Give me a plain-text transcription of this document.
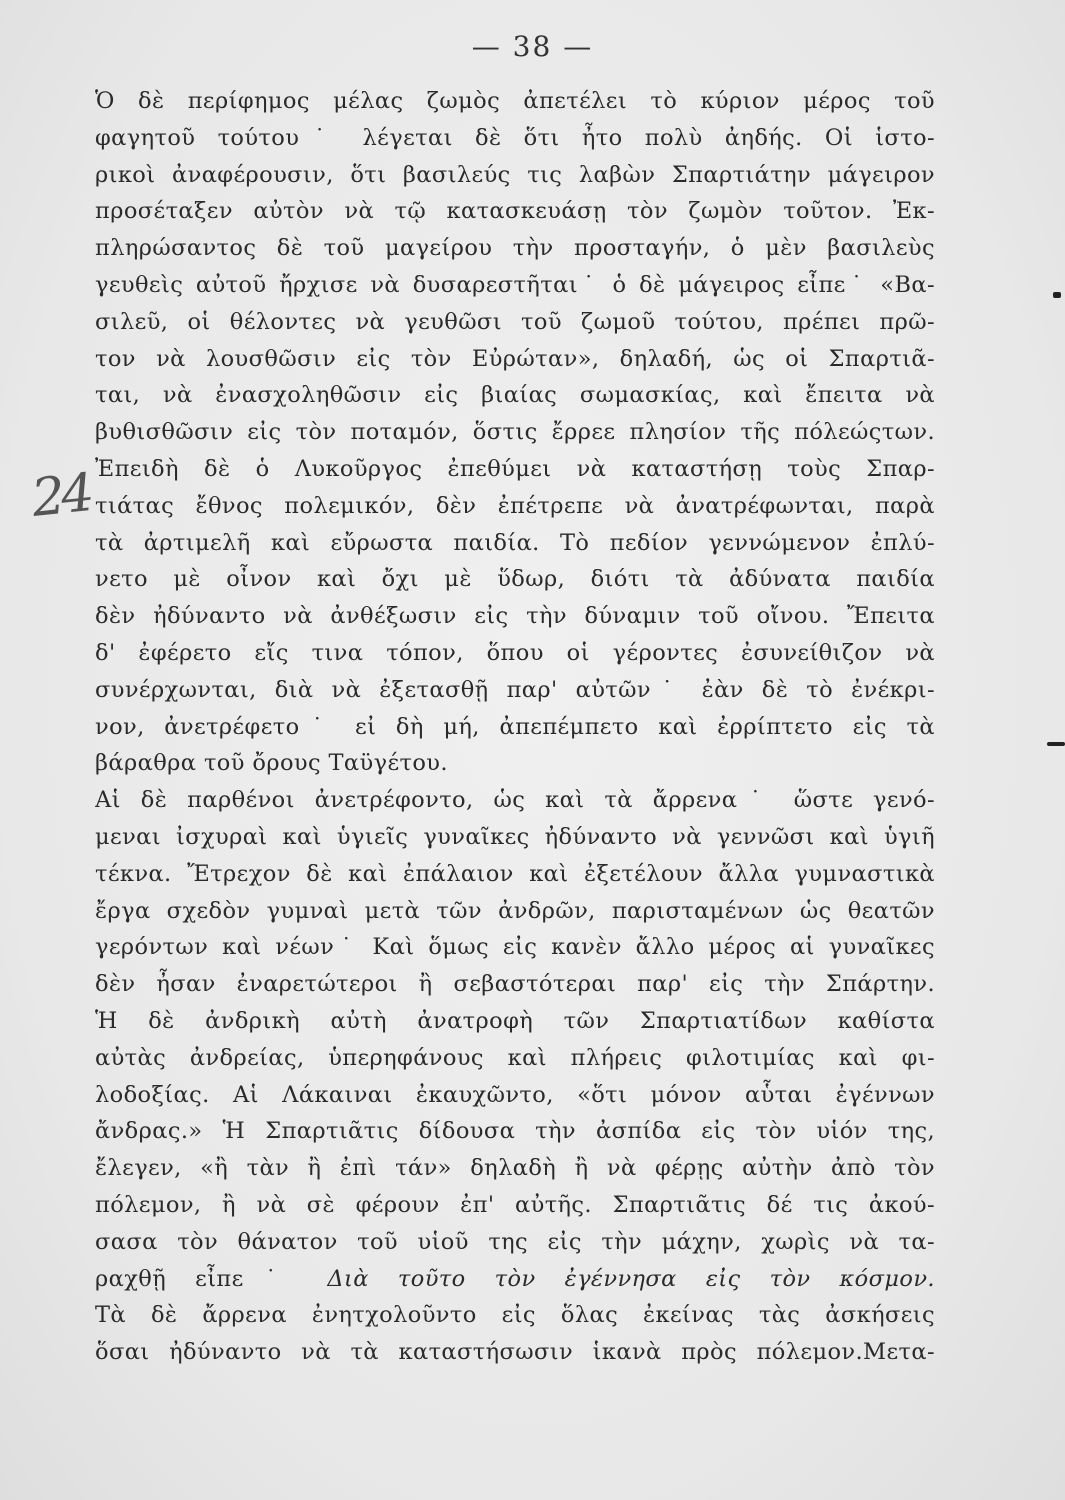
— 38 —
24
Ὁ δὲ περίφημος μέλας ζωμὸς ἀπετέλει τὸ κύριον μέρος τοῦ
φαγητοῦ τούτου˙ λέγεται δὲ ὅτι ἦτο πολὺ ἀηδής. Οἱ ἱστο-
ρικοὶ ἀναφέρουσιν, ὅτι βασιλεύς τις λαβὼν Σπαρτιάτην μάγειρον
προσέταξεν αὐτὸν νὰ τῷ κατασκευάσῃ τὸν ζωμὸν τοῦτον. Ἐκ-
πληρώσαντος δὲ τοῦ μαγείρου τὴν προσταγήν, ὁ μὲν βασιλεὺς
γευθεὶς αὐτοῦ ἤρχισε νὰ δυσαρεστῆται˙ ὁ δὲ μάγειρος εἶπε˙ «Βα-
σιλεῦ, οἱ θέλοντες νὰ γευθῶσι τοῦ ζωμοῦ τούτου, πρέπει πρῶ-
τον νὰ λουσθῶσιν εἰς τὸν Εὐρώταν», δηλαδή, ὡς οἱ Σπαρτιᾶ-
ται, νὰ ἐνασχοληθῶσιν εἰς βιαίας σωμασκίας, καὶ ἔπειτα νὰ
βυθισθῶσιν εἰς τὸν ποταμόν, ὅστις ἔρρεε πλησίον τῆς πόλεώςτων.
Ἐπειδὴ δὲ ὁ Λυκοῦργος ἐπεθύμει νὰ καταστήσῃ τοὺς Σπαρ-
τιάτας ἔθνος πολεμικόν, δὲν ἐπέτρεπε νὰ ἀνατρέφωνται, παρὰ
τὰ ἀρτιμελῆ καὶ εὔρωστα παιδία. Τὸ πεδίον γεννώμενον ἐπλύ-
νετο μὲ οἶνον καὶ ὄχι μὲ ὕδωρ, διότι τὰ ἀδύνατα παιδία
δὲν ἠδύναντο νὰ ἀνθέξωσιν εἰς τὴν δύναμιν τοῦ οἴνου. Ἔπειτα
δ' ἐφέρετο εἴς τινα τόπον, ὅπου οἱ γέροντες ἐσυνείθιζον νὰ
συνέρχωνται, διὰ νὰ ἐξετασθῇ παρ' αὐτῶν˙ ἐὰν δὲ τὸ ἐνέκρι-
νον, ἀνετρέφετο˙ εἰ δὴ μή, ἀπεπέμπετο καὶ ἐρρίπτετο εἰς τὰ
βάραθρα τοῦ ὄρους Ταϋγέτου.
Αἱ δὲ παρθένοι ἀνετρέφοντο, ὡς καὶ τὰ ἄρρενα˙ ὥστε γενό-
μεναι ἰσχυραὶ καὶ ὑγιεῖς γυναῖκες ἠδύναντο νὰ γεννῶσι καὶ ὑγιῆ
τέκνα. Ἔτρεχον δὲ καὶ ἐπάλαιον καὶ ἐξετέλουν ἄλλα γυμναστικὰ
ἔργα σχεδὸν γυμναὶ μετὰ τῶν ἀνδρῶν, παρισταμένων ὡς θεατῶν
γερόντων καὶ νέων˙ Καὶ ὅμως εἰς κανὲν ἄλλο μέρος αἱ γυναῖκες
δὲν ἦσαν ἐναρετώτεροι ἢ σεβαστότεραι παρ' εἰς τὴν Σπάρτην.
Ἡ δὲ ἀνδρικὴ αὐτὴ ἀνατροφὴ τῶν Σπαρτιατίδων καθίστα
αὐτὰς ἀνδρείας, ὑπερηφάνους καὶ πλήρεις φιλοτιμίας καὶ φι-
λοδοξίας. Αἱ Λάκαιναι ἐκαυχῶντο, «ὅτι μόνον αὗται ἐγέννων
ἄνδρας.» Ἡ Σπαρτιᾶτις δίδουσα τὴν ἀσπίδα εἰς τὸν υἱόν της,
ἔλεγεν, «ἢ τὰν ἢ ἐπὶ τάν» δηλαδὴ ἢ νὰ φέρῃς αὐτὴν ἀπὸ τὸν
πόλεμον, ἢ νὰ σὲ φέρουν ἐπ' αὐτῆς. Σπαρτιᾶτις δέ τις ἀκού-
σασα τὸν θάνατον τοῦ υἱοῦ της εἰς τὴν μάχην, χωρὶς νὰ τα-
ραχθῇ εἶπε˙ Διὰ τοῦτο τὸν ἐγέννησα εἰς τὸν κόσμον.
Τὰ δὲ ἄρρενα ἐνητχολοῦντο εἰς ὅλας ἐκείνας τὰς ἀσκήσεις
ὅσαι ἠδύναντο νὰ τὰ καταστήσωσιν ἱκανὰ πρὸς πόλεμον.Μετα-
